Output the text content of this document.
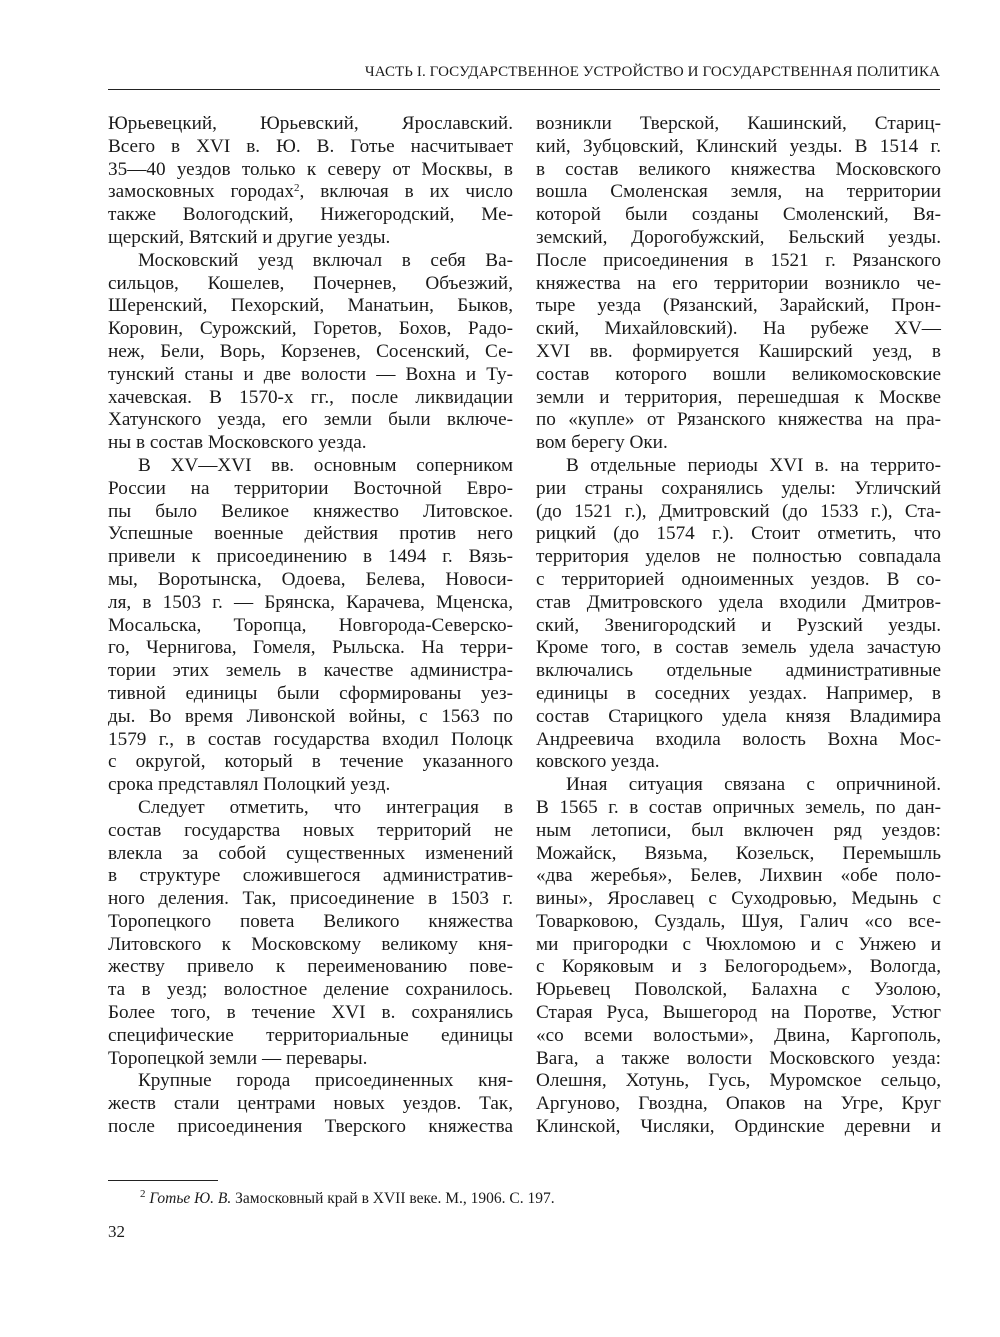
ЧАСТЬ I. ГОСУДАРСТВЕННОЕ УСТРОЙСТВО И ГОСУДАРСТВЕННАЯ ПОЛИТИКА
Юрьевецкий, Юрьевский, Ярославский.
Всего в XVI в. Ю. В. Готье насчитывает
35—40 уездов только к северу от Москвы, в
замосковных городах$^2$, включая в их число
также Вологодский, Нижегородский, Ме-
щерский, Вятский и другие уезды.
Московский уезд включал в себя Ва-
сильцов, Кошелев, Почернев, Объезжий,
Шеренский, Пехорский, Манатьин, Быков,
Коровин, Сурожский, Горетов, Бохов, Радо-
неж, Бели, Ворь, Корзенев, Сосенский, Се-
тунский станы и две волости — Вохна и Ту-
хачевская. В 1570-х гг., после ликвидации
Хатунского уезда, его земли были включе-
ны в состав Московского уезда.
В XV—XVI вв. основным соперником
России на территории Восточной Евро-
пы было Великое княжество Литовское.
Успешные военные действия против него
привели к присоединению в 1494 г. Вязь-
мы, Воротынска, Одоева, Белева, Новоси-
ля, в 1503 г. — Брянска, Карачева, Мценска,
Мосальска, Торопца, Новгорода-Северско-
го, Чернигова, Гомеля, Рыльска. На терри-
тории этих земель в качестве администра-
тивной единицы были сформированы уез-
ды. Во время Ливонской войны, с 1563 по
1579 г., в состав государства входил Полоцк
с округой, который в течение указанного
срока представлял Полоцкий уезд.
Следует отметить, что интеграция в
состав государства новых территорий не
влекла за собой существенных изменений
в структуре сложившегося административ-
ного деления. Так, присоединение в 1503 г.
Торопецкого повета Великого княжества
Литовского к Московскому великому кня-
жеству привело к переименованию пове-
та в уезд; волостное деление сохранилось.
Более того, в течение XVI в. сохранялись
специфические территориальные единицы
Торопецкой земли — перевары.
Крупные города присоединенных кня-
жеств стали центрами новых уездов. Так,
после присоединения Тверского княжества
возникли Тверской, Кашинский, Стариц-
кий, Зубцовский, Клинский уезды. В 1514 г.
в состав великого княжества Московского
вошла Смоленская земля, на территории
которой были созданы Смоленский, Вя-
земский, Дорогобужский, Бельский уезды.
После присоединения в 1521 г. Рязанского
княжества на его территории возникло че-
тыре уезда (Рязанский, Зарайский, Прон-
ский, Михайловский). На рубеже XV—
XVI вв. формируется Каширский уезд, в
состав которого вошли великомосковские
земли и территория, перешедшая к Москве
по «купле» от Рязанского княжества на пра-
вом берегу Оки.
В отдельные периоды XVI в. на террито-
рии страны сохранялись уделы: Угличский
(до 1521 г.), Дмитровский (до 1533 г.), Ста-
рицкий (до 1574 г.). Стоит отметить, что
территория уделов не полностью совпадала
с территорией одноименных уездов. В со-
став Дмитровского удела входили Дмитров-
ский, Звенигородский и Рузский уезды.
Кроме того, в состав земель удела зачастую
включались отдельные административные
единицы в соседних уездах. Например, в
состав Старицкого удела князя Владимира
Андреевича входила волость Вохна Мос-
ковского уезда.
Иная ситуация связана с опричниной.
В 1565 г. в состав опричных земель, по дан-
ным летописи, был включен ряд уездов:
Можайск, Вязьма, Козельск, Перемышль
«два жеребья», Белев, Лихвин «обе поло-
вины», Ярославец с Суходровью, Медынь с
Товарковою, Суздаль, Шуя, Галич «со все-
ми пригородки с Чюхломою и с Унжею и
с Коряковым и з Белогородьем», Вологда,
Юрьевец Поволской, Балахна с Узолою,
Старая Руса, Вышегород на Поротве, Устюг
«со всеми волостьми», Двина, Каргополь,
Вага, а также волости Московского уезда:
Олешня, Хотунь, Гусь, Муромское сельцо,
Аргуново, Гвоздна, Опаков на Угре, Круг
Клинской, Числяки, Ординские деревни и
$^2$ Готье Ю. В. Замосковный край в XVII веке. М., 1906. С. 197.
32
